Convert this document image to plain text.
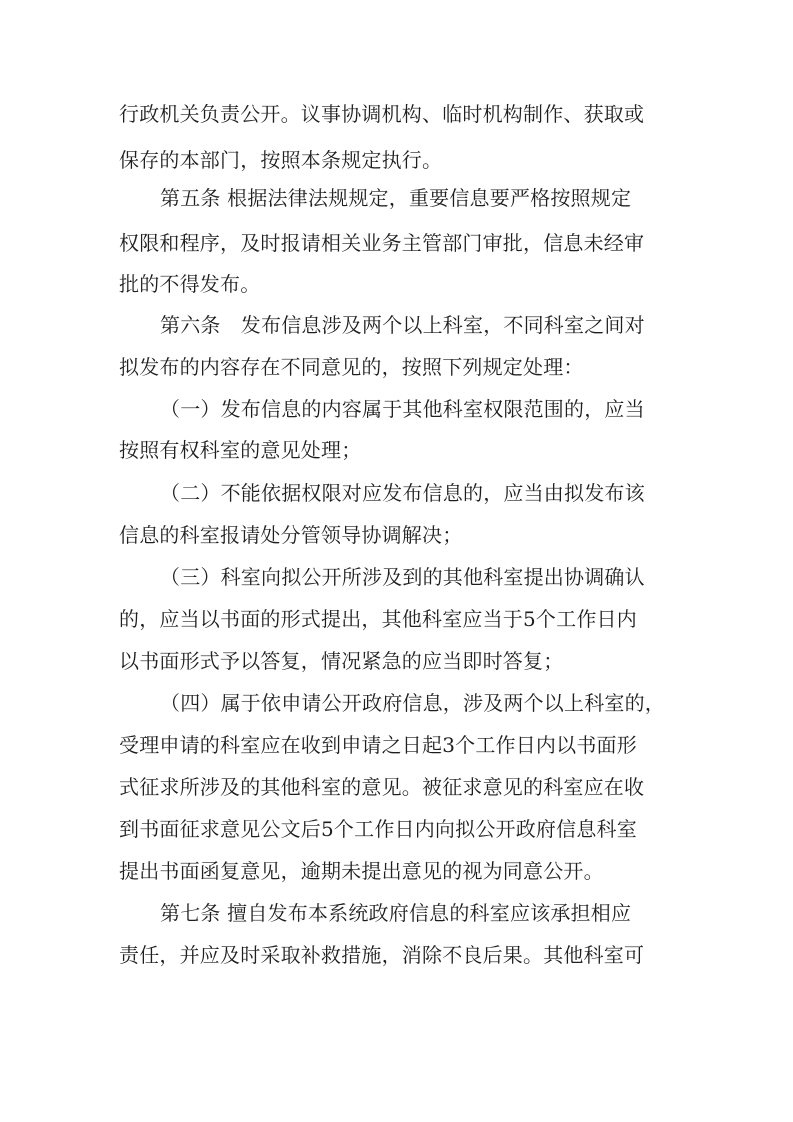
行政机关负责公开。议事协调机构、临时机构制作、获取或
保存的本部门，按照本条规定执行。
第五条 根据法律法规规定，重要信息要严格按照规定
权限和程序，及时报请相关业务主管部门审批，信息未经审
批的不得发布。
第六条　发布信息涉及两个以上科室，不同科室之间对
拟发布的内容存在不同意见的，按照下列规定处理：
（一）发布信息的内容属于其他科室权限范围的，应当
按照有权科室的意见处理；
（二）不能依据权限对应发布信息的，应当由拟发布该
信息的科室报请处分管领导协调解决；
（三）科室向拟公开所涉及到的其他科室提出协调确认
的，应当以书面的形式提出，其他科室应当于5个工作日内
以书面形式予以答复，情况紧急的应当即时答复；
（四）属于依申请公开政府信息，涉及两个以上科室的，
受理申请的科室应在收到申请之日起3个工作日内以书面形
式征求所涉及的其他科室的意见。被征求意见的科室应在收
到书面征求意见公文后5个工作日内向拟公开政府信息科室
提出书面函复意见，逾期未提出意见的视为同意公开。
第七条 擅自发布本系统政府信息的科室应该承担相应
责任，并应及时采取补救措施，消除不良后果。其他科室可
